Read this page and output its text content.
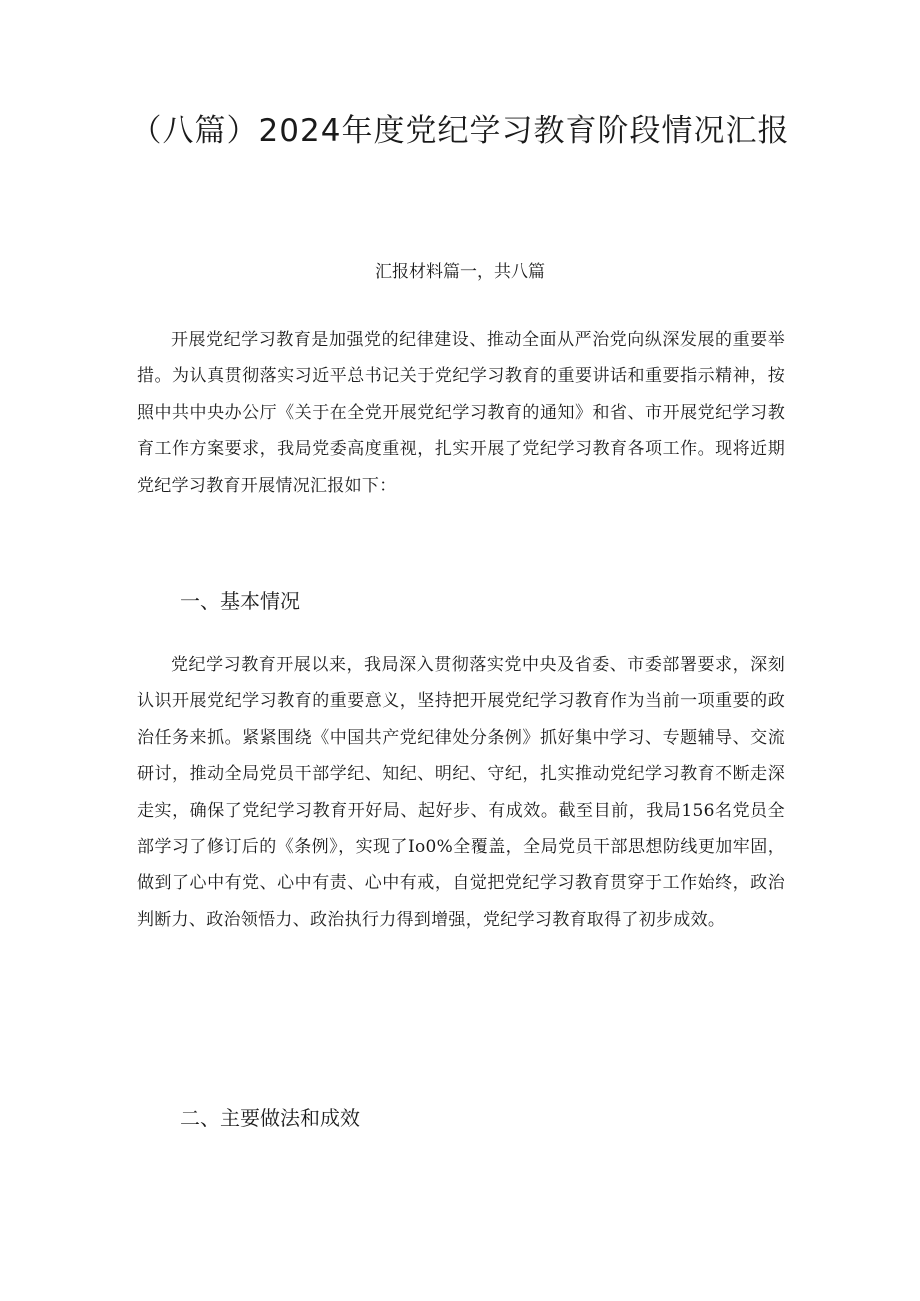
（八篇）2024年度党纪学习教育阶段情况汇报

汇报材料篇一，共八篇

开展党纪学习教育是加强党的纪律建设、推动全面从严治党向纵深发展的重要举措。为认真贯彻落实习近平总书记关于党纪学习教育的重要讲话和重要指示精神，按照中共中央办公厅《关于在全党开展党纪学习教育的通知》和省、市开展党纪学习教育工作方案要求，我局党委高度重视，扎实开展了党纪学习教育各项工作。现将近期党纪学习教育开展情况汇报如下：

一、基本情况

党纪学习教育开展以来，我局深入贯彻落实党中央及省委、市委部署要求，深刻认识开展党纪学习教育的重要意义，坚持把开展党纪学习教育作为当前一项重要的政治任务来抓。紧紧围绕《中国共产党纪律处分条例》抓好集中学习、专题辅导、交流研讨，推动全局党员干部学纪、知纪、明纪、守纪，扎实推动党纪学习教育不断走深走实，确保了党纪学习教育开好局、起好步、有成效。截至目前，我局156名党员全部学习了修订后的《条例》，实现了Io0%全覆盖，全局党员干部思想防线更加牢固，做到了心中有党、心中有责、心中有戒，自觉把党纪学习教育贯穿于工作始终，政治判断力、政治领悟力、政治执行力得到增强，党纪学习教育取得了初步成效。

二、主要做法和成效
